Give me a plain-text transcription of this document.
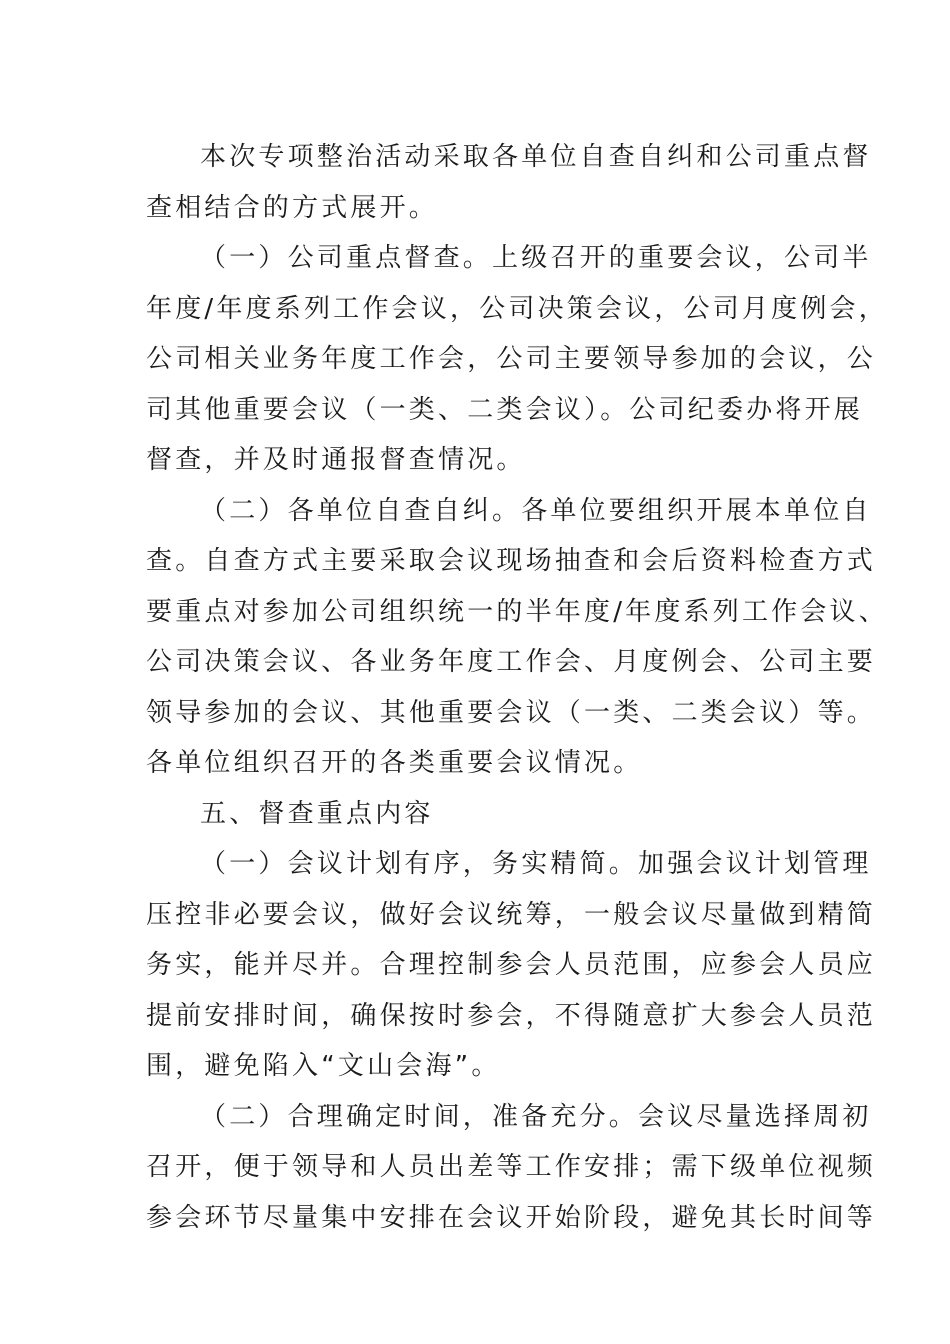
本次专项整治活动采取各单位自查自纠和公司重点督
查相结合的方式展开。
（一）公司重点督查。上级召开的重要会议，公司半
年度/年度系列工作会议，公司决策会议，公司月度例会，
公司相关业务年度工作会，公司主要领导参加的会议，公
司其他重要会议（一类、二类会议）。公司纪委办将开展
督查，并及时通报督查情况。
（二）各单位自查自纠。各单位要组织开展本单位自
查。自查方式主要采取会议现场抽查和会后资料检查方式
要重点对参加公司组织统一的半年度/年度系列工作会议、
公司决策会议、各业务年度工作会、月度例会、公司主要
领导参加的会议、其他重要会议（一类、二类会议）等。
各单位组织召开的各类重要会议情况。
五、督查重点内容
（一）会议计划有序，务实精简。加强会议计划管理
压控非必要会议，做好会议统筹，一般会议尽量做到精简
务实，能并尽并。合理控制参会人员范围，应参会人员应
提前安排时间，确保按时参会，不得随意扩大参会人员范
围，避免陷入“文山会海”。
（二）合理确定时间，准备充分。会议尽量选择周初
召开，便于领导和人员出差等工作安排；需下级单位视频
参会环节尽量集中安排在会议开始阶段，避免其长时间等
